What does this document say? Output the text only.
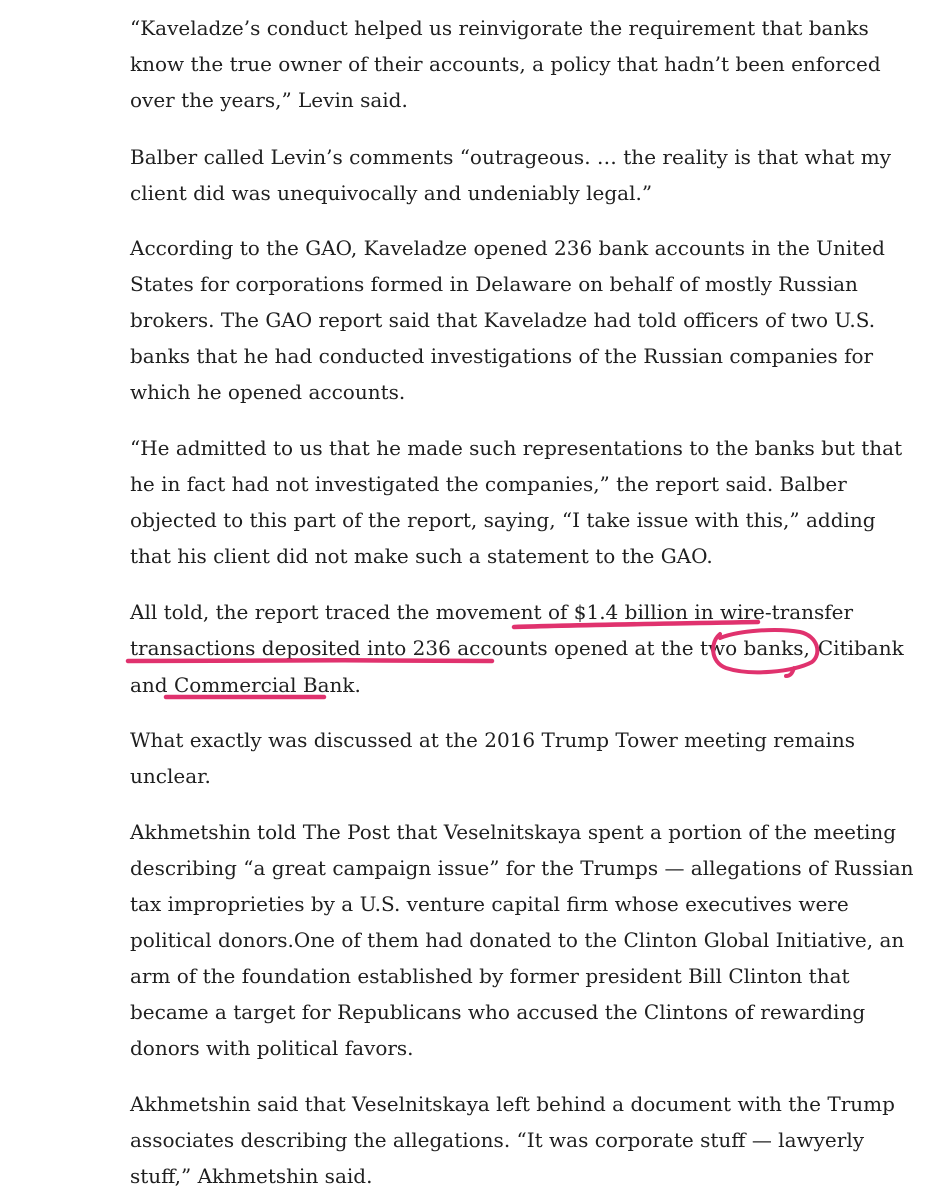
“Kaveladze’s conduct helped us reinvigorate the requirement that banks
know the true owner of their accounts, a policy that hadn’t been enforced
over the years,” Levin said.
Balber called Levin’s comments “outrageous. … the reality is that what my
client did was unequivocally and undeniably legal.”
According to the GAO, Kaveladze opened 236 bank accounts in the United
States for corporations formed in Delaware on behalf of mostly Russian
brokers. The GAO report said that Kaveladze had told officers of two U.S.
banks that he had conducted investigations of the Russian companies for
which he opened accounts.
“He admitted to us that he made such representations to the banks but that
he in fact had not investigated the companies,” the report said. Balber
objected to this part of the report, saying, “I take issue with this,” adding
that his client did not make such a statement to the GAO.
All told, the report traced the movement of $1.4 billion in wire-transfer
transactions deposited into 236 accounts opened at the two banks, Citibank
and Commercial Bank.
What exactly was discussed at the 2016 Trump Tower meeting remains
unclear.
Akhmetshin told The Post that Veselnitskaya spent a portion of the meeting
describing “a great campaign issue” for the Trumps — allegations of Russian
tax improprieties by a U.S. venture capital firm whose executives were
political donors.One of them had donated to the Clinton Global Initiative, an
arm of the foundation established by former president Bill Clinton that
became a target for Republicans who accused the Clintons of rewarding
donors with political favors.
Akhmetshin said that Veselnitskaya left behind a document with the Trump
associates describing the allegations. “It was corporate stuff — lawyerly
stuff,” Akhmetshin said.
